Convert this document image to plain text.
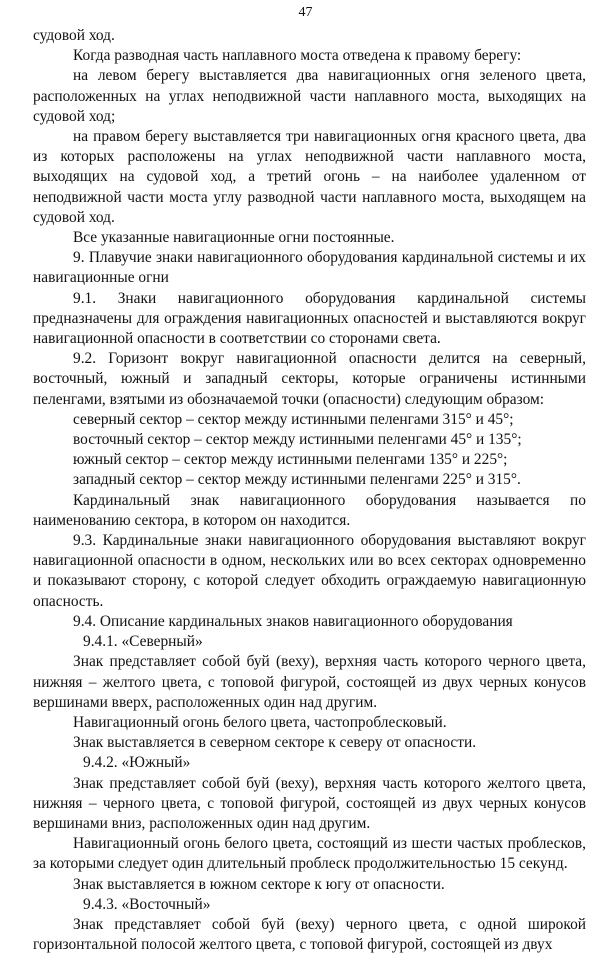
47

судовой ход.

Когда разводная часть наплавного моста отведена к правому берегу:

на левом берегу выставляется два навигационных огня зеленого цвета, расположенных на углах неподвижной части наплавного моста, выходящих на судовой ход;

на правом берегу выставляется три навигационных огня красного цвета, два из которых расположены на углах неподвижной части наплавного моста, выходящих на судовой ход, а третий огонь – на наиболее удаленном от неподвижной части моста углу разводной части наплавного моста, выходящем на судовой ход.

Все указанные навигационные огни постоянные.

9. Плавучие знаки навигационного оборудования кардинальной системы и их навигационные огни

9.1. Знаки навигационного оборудования кардинальной системы предназначены для ограждения навигационных опасностей и выставляются вокруг навигационной опасности в соответствии со сторонами света.

9.2. Горизонт вокруг навигационной опасности делится на северный, восточный, южный и западный секторы, которые ограничены истинными пеленгами, взятыми из обозначаемой точки (опасности) следующим образом:

северный сектор – сектор между истинными пеленгами 315° и 45°;

восточный сектор – сектор между истинными пеленгами 45° и 135°;

южный сектор – сектор между истинными пеленгами 135° и 225°;

западный сектор – сектор между истинными пеленгами 225° и 315°.

Кардинальный знак навигационного оборудования называется по наименованию сектора, в котором он находится.

9.3. Кардинальные знаки навигационного оборудования выставляют вокруг навигационной опасности в одном, нескольких или во всех секторах одновременно и показывают сторону, с которой следует обходить ограждаемую навигационную опасность.

9.4. Описание кардинальных знаков навигационного оборудования

9.4.1. «Северный»

Знак представляет собой буй (веху), верхняя часть которого черного цвета, нижняя – желтого цвета, с топовой фигурой, состоящей из двух черных конусов вершинами вверх, расположенных один над другим.

Навигационный огонь белого цвета, частопроблесковый.

Знак выставляется в северном секторе к северу от опасности.

9.4.2. «Южный»

Знак представляет собой буй (веху), верхняя часть которого желтого цвета, нижняя – черного цвета, с топовой фигурой, состоящей из двух черных конусов вершинами вниз, расположенных один над другим.

Навигационный огонь белого цвета, состоящий из шести частых проблесков, за которыми следует один длительный проблеск продолжительностью 15 секунд.

Знак выставляется в южном секторе к югу от опасности.

9.4.3. «Восточный»

Знак представляет собой буй (веху) черного цвета, с одной широкой горизонтальной полосой желтого цвета, с топовой фигурой, состоящей из двух
